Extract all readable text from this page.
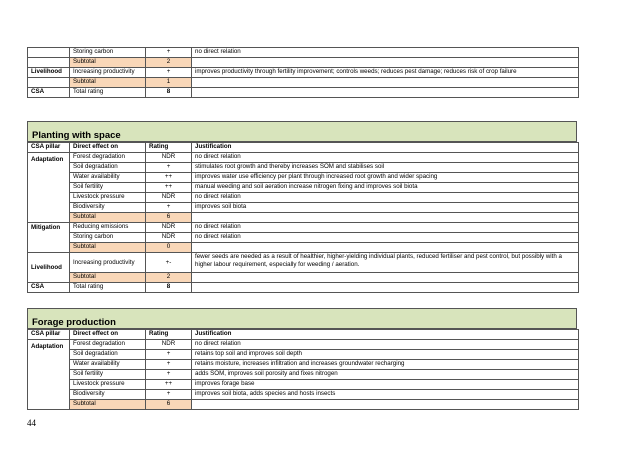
	Storing carbon	+	no direct relation
	Subtotal	2	
Livelihood	Increasing productivity	+	improves productivity through fertility improvement; controls weeds; reduces pest damage; reduces risk of crop failure
	Subtotal	1	
CSA	Total rating	8	
Planting with space
CSA pillar	Direct effect on	Rating	Justification
Adaptation	Forest degradation	NDR	no direct relation
	Soil degradation	+	stimulates root growth and thereby increases SOM and stabilises soil
	Water availability	++	improves water use efficiency per plant through increased root growth and wider spacing
	Soil fertility	++	manual weeding and soil aeration increase nitrogen fixing and improves soil biota
	Livestock pressure	NDR	no direct relation
	Biodiversity	+	improves soil biota
	Subtotal	6	
Mitigation	Reducing emissions	NDR	no direct relation
	Storing carbon	NDR	no direct relation
	Subtotal	0	
Livelihood	Increasing productivity	+-	fewer seeds are needed as a result of healthier, higher-yielding individual plants, reduced fertiliser and pest control, but possibly with a higher labour requirement, especially for weeding / aeration.
	Subtotal	2	
CSA	Total rating	8	
Forage production
CSA pillar	Direct effect on	Rating	Justification
Adaptation	Forest degradation	NDR	no direct relation
	Soil degradation	+	retains top soil and improves soil depth
	Water availability	+	retains moisture, increases infiltration and increases groundwater recharging
	Soil fertility	+	adds SOM, improves soil porosity and fixes nitrogen
	Livestock pressure	++	improves forage base
	Biodiversity	+	improves soil biota, adds species and hosts insects
	Subtotal	6	
44
